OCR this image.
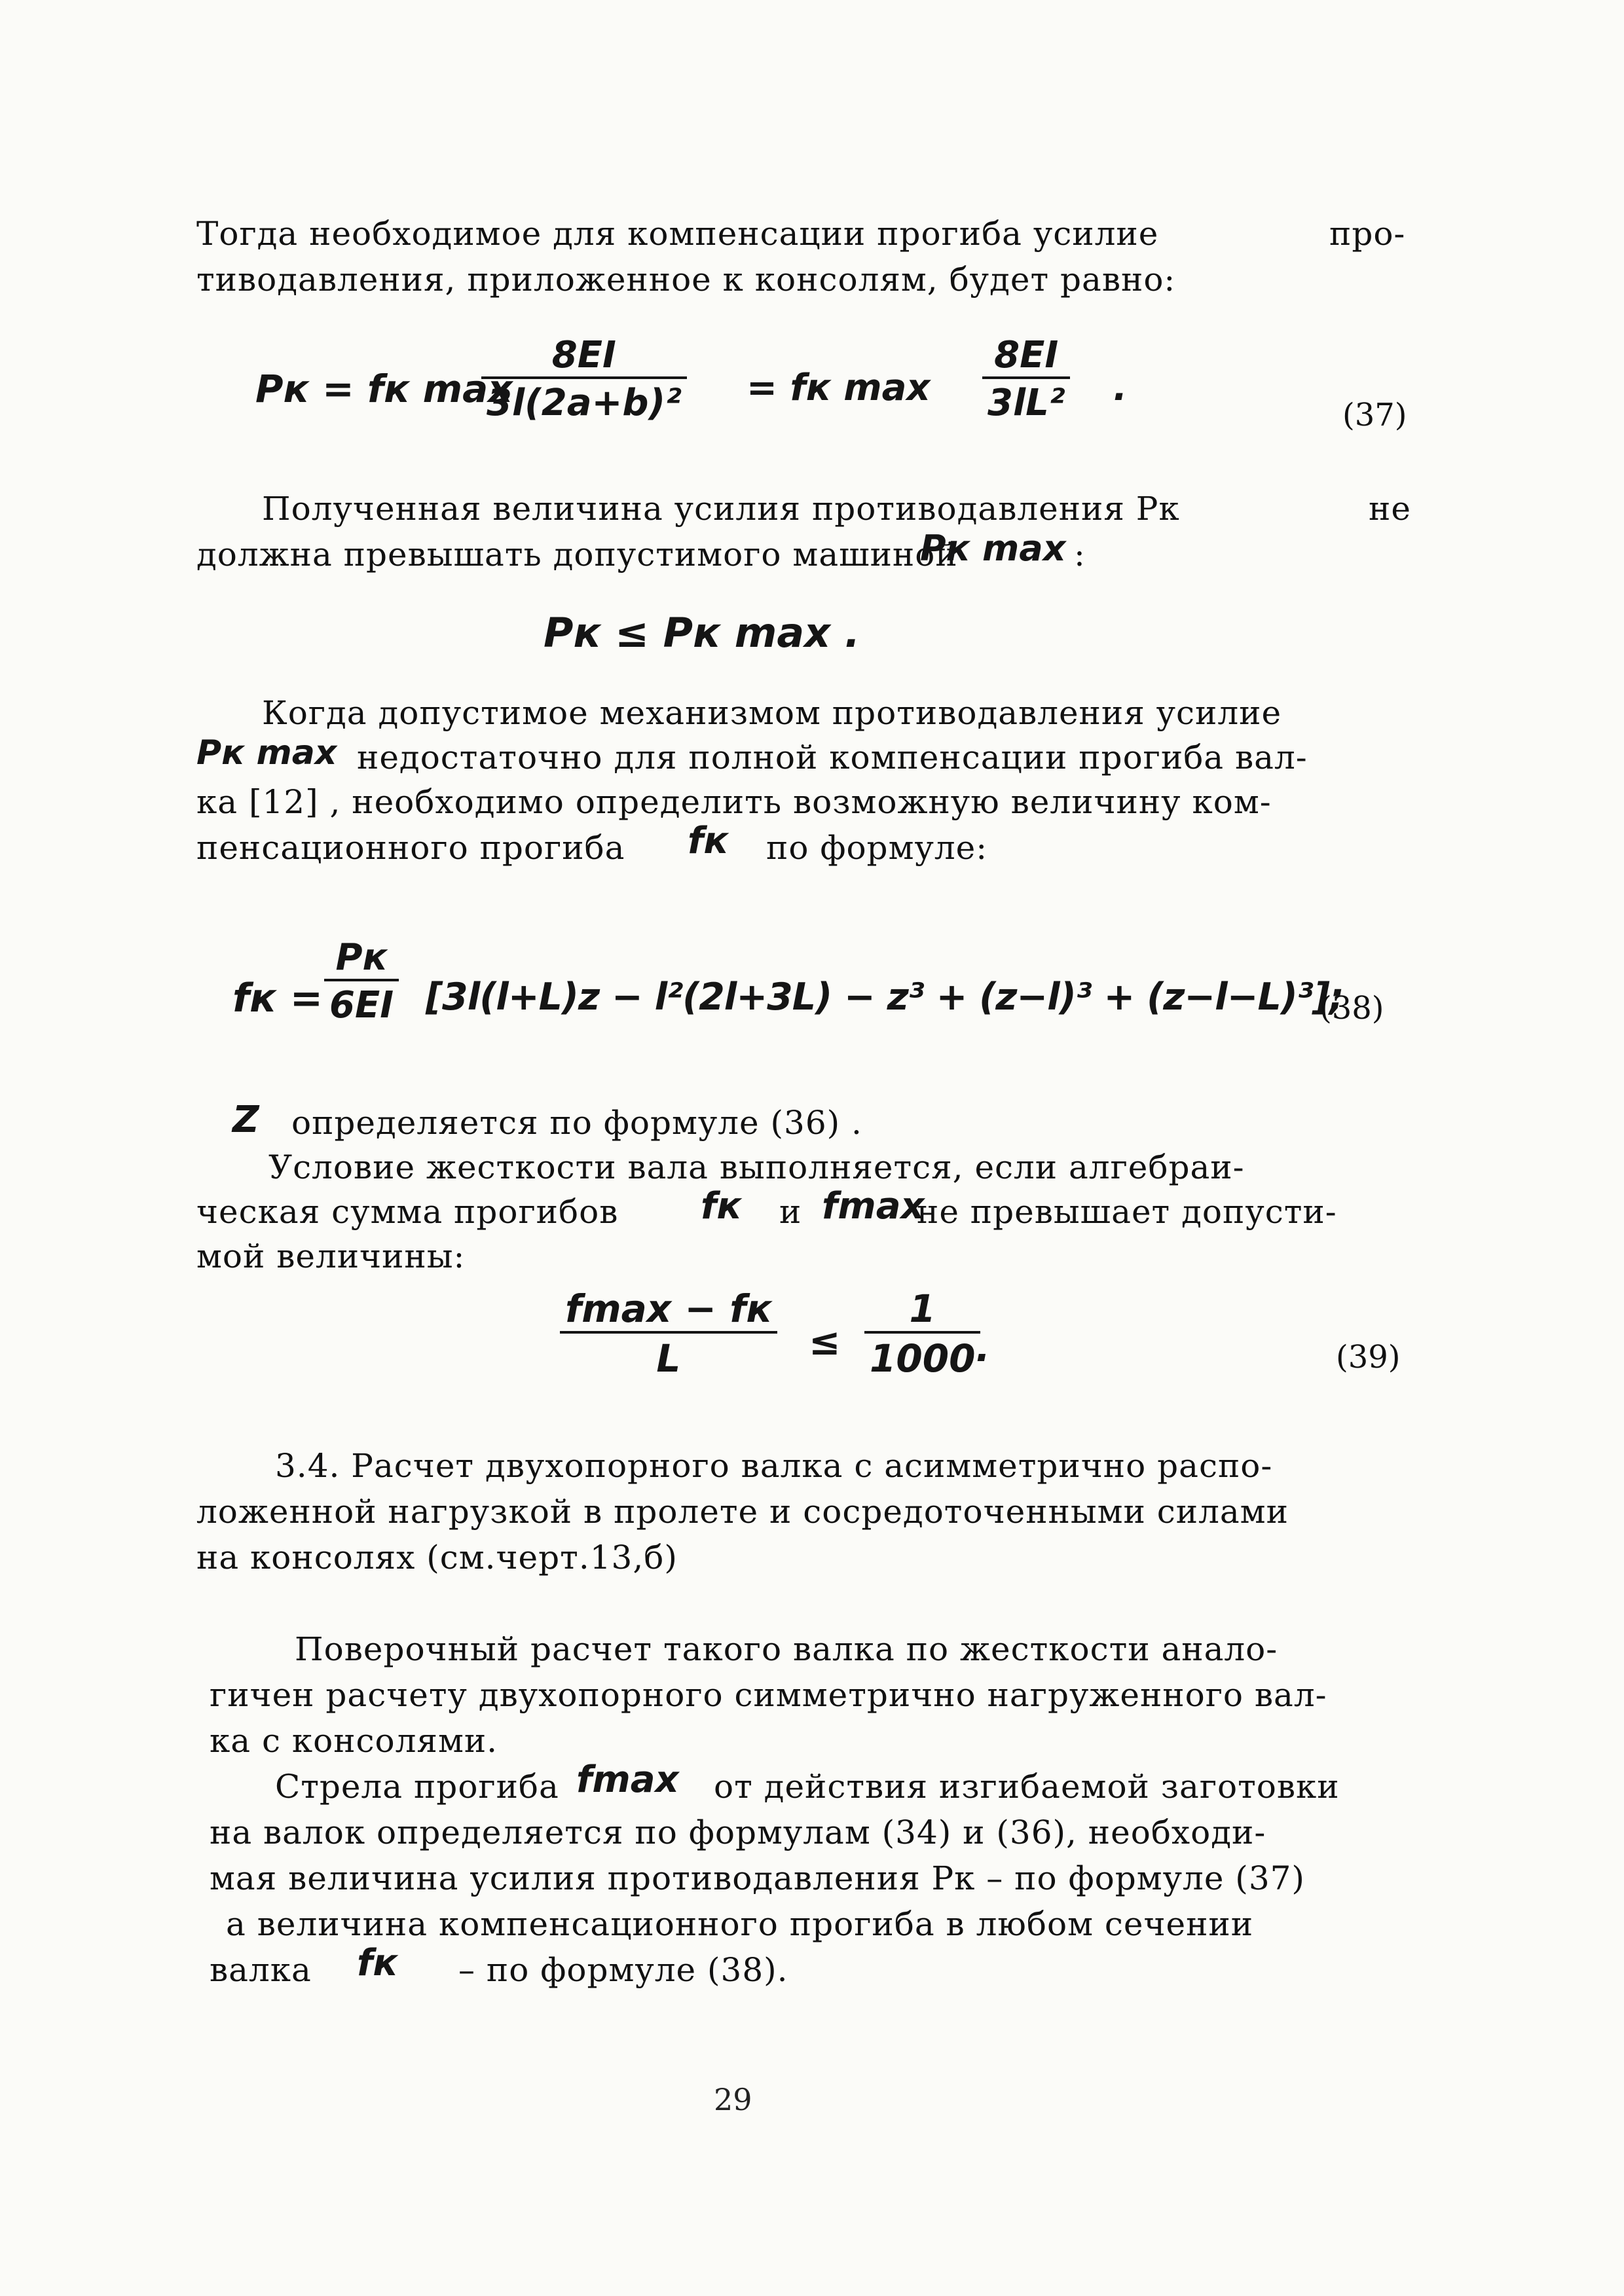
Тогда необходимое для компенсации прогиба усилие	про-
тиводавления, приложенное к консолям, будет равно:
Pк = fк max
$\frac{8EI}{\text{3l(2a+b)²}}$ = fк $\max \frac{8EI}{\text{3lL²}}$ .
(37)
Полученная величина усилия противодавления Рк	не
должна превышать допустимого машиной
Pк max :
Pк ≤ Pк max .
Когда допустимое механизмом противодавления усилие
Pк max недостаточно для полной компенсации прогиба вал-
ка [12] , необходимо определить возможную величину ком-
пенсационного прогиба fк по формуле:
fк =
Pк
6EI [3l(l+L)z − l²(2l+3L) − z³ + (z−l)³ + (z−l−L)³];
(38)
Z определяется по формуле (36) .
Условие жесткости вала выполняется, если алгебраи-
ческая сумма прогибов fк и fmax
не превышает допусти-
мой величины:
fmax − fк
L	≤ $\frac{1}{1000}$
.	(39)
3.4. Расчет двухопорного валка с асимметрично распо-
ложенной нагрузкой в пролете и сосредоточенными силами
на консолях (см.черт.13,б)
Поверочный расчет такого валка по жесткости анало-
гичен расчету двухопорного симметрично нагруженного вал-
ка с консолями.
Стрела прогиба fmax от действия изгибаемой заготовки
на валок определяется по формулам (34) и (36), необходи-
мая величина усилия противодавления Рк – по формуле (37)
а величина компенсационного прогиба в любом сечении
валка fк – по формуле (38).
29
